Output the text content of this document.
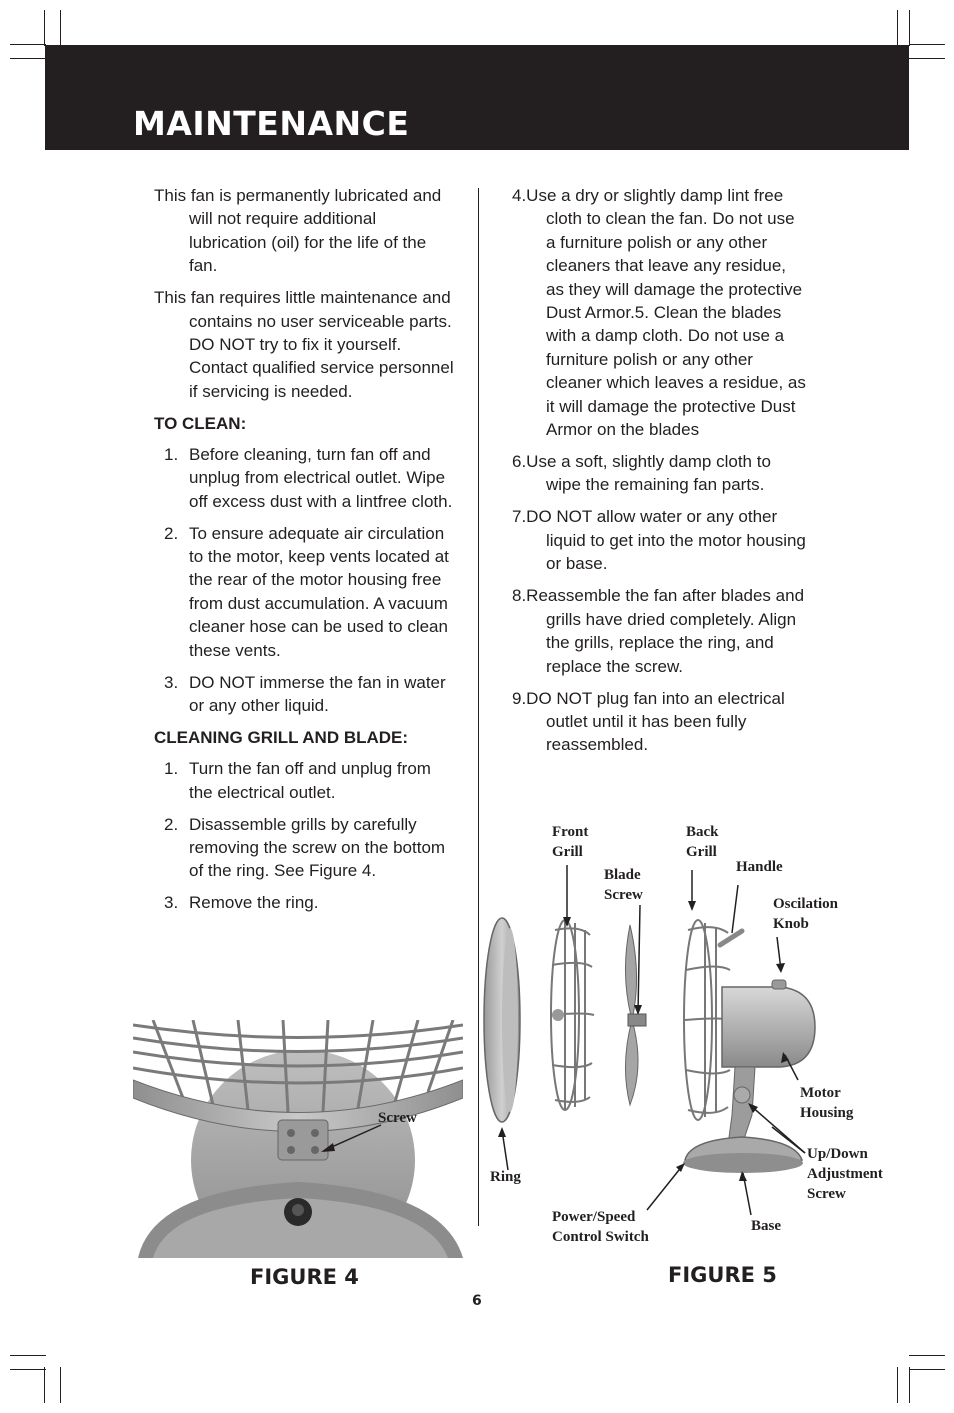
MAINTENANCE

This fan is permanently lubricated and will not require additional lubrication (oil) for the life of the fan.

This fan requires little maintenance and contains no user serviceable parts. DO NOT try to fix it yourself. Contact qualified service personnel if servicing is needed.

TO CLEAN:
1. Before cleaning, turn fan off and unplug from electrical outlet. Wipe off excess dust with a lintfree cloth.
2. To ensure adequate air circulation to the motor, keep vents located at the rear of the motor housing free from dust accumulation. A vacuum cleaner hose can be used to clean these vents.
3. DO NOT immerse the fan in water or any other liquid.
CLEANING GRILL AND BLADE:
1. Turn the fan off and unplug from the electrical outlet.
2. Disassemble grills by carefully removing the screw on the bottom of the ring. See Figure 4.
3. Remove the ring.

4.Use a dry or slightly damp lint free cloth to clean the fan. Do not use a furniture polish or any other cleaners that leave any residue, as they will damage the protective Dust Armor.5. Clean the blades with a damp cloth. Do not use a furniture polish or any other cleaner which leaves a residue, as it will damage the protective Dust Armor on the blades

6.Use a soft, slightly damp cloth to wipe the remaining fan parts.

7.DO NOT allow water or any other liquid to get into the motor housing or base.

8.Reassemble the fan after blades and grills have dried completely. Align the grills, replace the ring, and replace the screw.

9.DO NOT plug fan into an electrical outlet until it has been fully reassembled.

Screw
FIGURE 4
Front
Grill
Blade
Screw
Back
Grill
Handle
Oscilation
Knob
Motor
Housing
Up/Down
Adjustment
Screw
Ring
Power/Speed
Control Switch
Base
FIGURE 5
6
